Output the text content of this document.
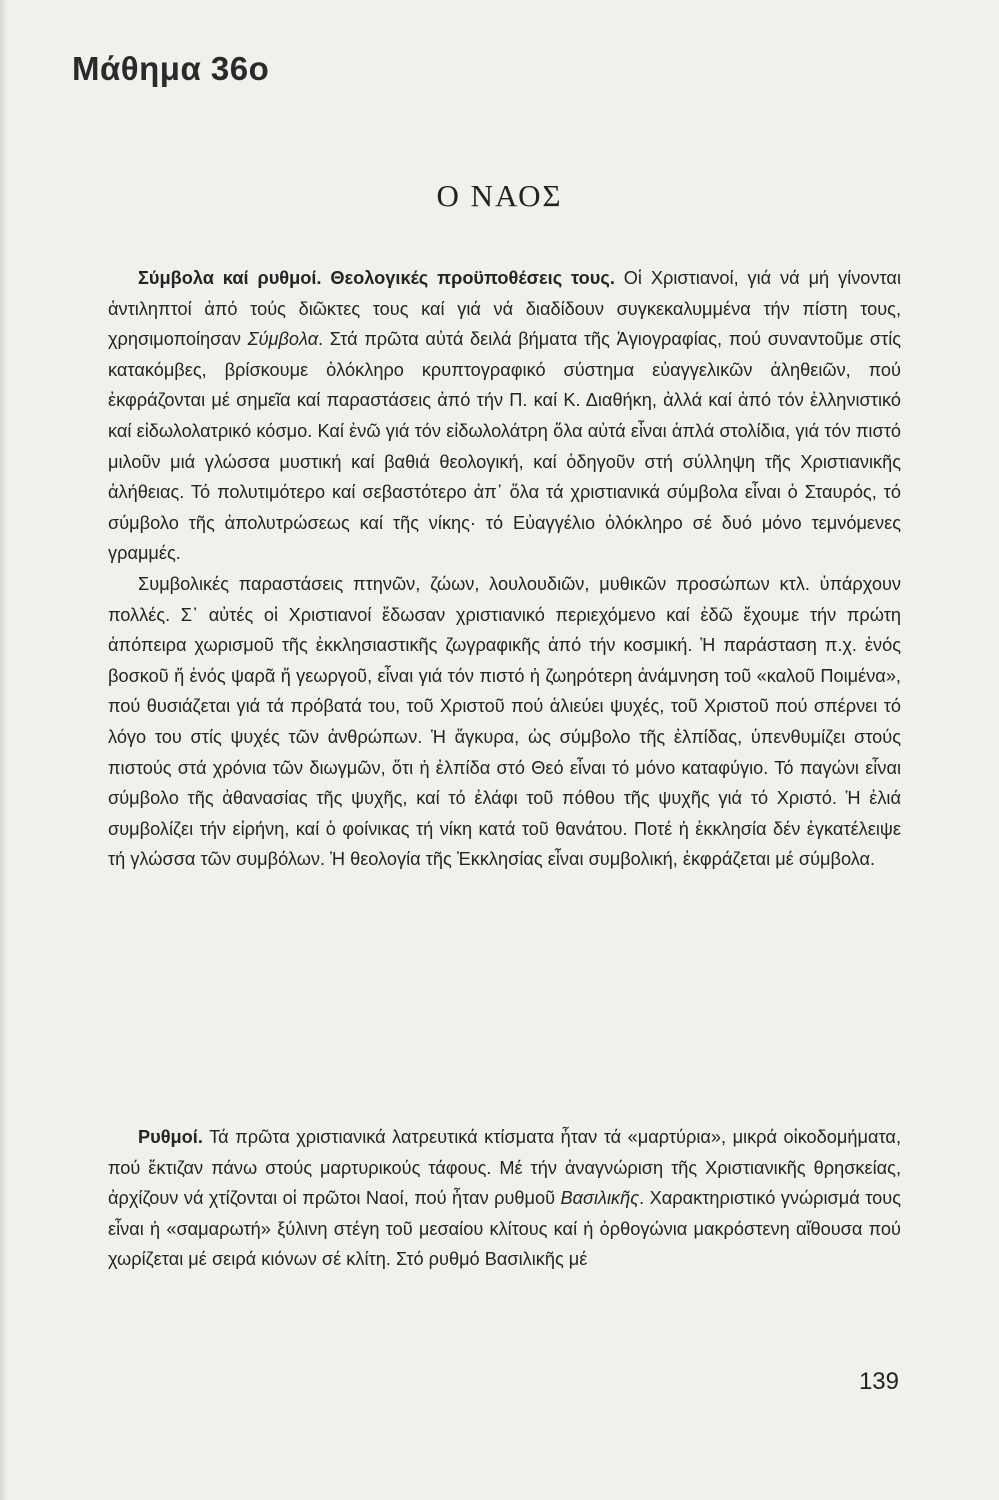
Μάθημα 36ο
Ο ΝΑΟΣ

Σύμβολα καί ρυθμοί. Θεολογικές προϋποθέσεις τους. Οἱ Χριστιανοί, γιά νά μή γίνονται ἀντιληπτοί ἀπό τούς διῶκτες τους καί γιά νά διαδίδουν συγκεκαλυμμένα τήν πίστη τους, χρησιμοποίησαν Σύμβολα. Στά πρῶτα αὐτά δειλά βήματα τῆς Ἁγιογραφίας, πού συναντοῦμε στίς κατακόμβες, βρίσκουμε ὁλόκληρο κρυπτογραφικό σύστημα εὐαγγελικῶν ἀληθειῶν, πού ἐκφράζονται μέ σημεῖα καί παραστάσεις ἀπό τήν Π. καί Κ. Διαθήκη, ἀλλά καί ἀπό τόν ἑλληνιστικό καί εἰδωλολατρικό κόσμο. Καί ἐνῶ γιά τόν εἰδωλολάτρη ὅλα αὐτά εἶναι ἁπλά στολίδια, γιά τόν πιστό μιλοῦν μιά γλώσσα μυστική καί βαθιά θεολογική, καί ὁδηγοῦν στή σύλληψη τῆς Χριστιανικῆς ἀλήθειας. Τό πολυτιμότερο καί σεβαστότερο ἀπ᾿ ὅλα τά χριστιανικά σύμβολα εἶναι ὁ Σταυρός, τό σύμβολο τῆς ἀπολυτρώσεως καί τῆς νίκης· τό Εὐαγγέλιο ὁλόκληρο σέ δυό μόνο τεμνόμενες γραμμές.

Συμβολικές παραστάσεις πτηνῶν, ζώων, λουλουδιῶν, μυθικῶν προσώπων κτλ. ὑπάρχουν πολλές. Σ᾿ αὐτές οἱ Χριστιανοί ἔδωσαν χριστιανικό περιεχόμενο καί ἐδῶ ἔχουμε τήν πρώτη ἀπόπειρα χωρισμοῦ τῆς ἐκκλησιαστικῆς ζωγραφικῆς ἀπό τήν κοσμική. Ἡ παράσταση π.χ. ἑνός βοσκοῦ ἤ ἑνός ψαρᾶ ἤ γεωργοῦ, εἶναι γιά τόν πιστό ἡ ζωηρότερη ἀνάμνηση τοῦ «καλοῦ Ποιμένα», πού θυσιάζεται γιά τά πρόβατά του, τοῦ Χριστοῦ πού ἁλιεύει ψυχές, τοῦ Χριστοῦ πού σπέρνει τό λόγο του στίς ψυχές τῶν ἀνθρώπων. Ἡ ἄγκυρα, ὡς σύμβολο τῆς ἐλπίδας, ὑπενθυμίζει στούς πιστούς στά χρόνια τῶν διωγμῶν, ὅτι ἡ ἐλπίδα στό Θεό εἶναι τό μόνο καταφύγιο. Τό παγώνι εἶναι σύμβολο τῆς ἀθανασίας τῆς ψυχῆς, καί τό ἐλάφι τοῦ πόθου τῆς ψυχῆς γιά τό Χριστό. Ἡ ἐλιά συμβολίζει τήν εἰρήνη, καί ὁ φοίνικας τή νίκη κατά τοῦ θανάτου. Ποτέ ἡ ἐκκλησία δέν ἐγκατέλειψε τή γλώσσα τῶν συμβόλων. Ἡ θεολογία τῆς Ἐκκλησίας εἶναι συμβολική, ἐκφράζεται μέ σύμβολα.

Ρυθμοί. Τά πρῶτα χριστιανικά λατρευτικά κτίσματα ἦταν τά «μαρτύρια», μικρά οἰκοδομήματα, πού ἔκτιζαν πάνω στούς μαρτυρικούς τάφους. Μέ τήν ἀναγνώριση τῆς Χριστιανικῆς θρησκείας, ἀρχίζουν νά χτίζονται οἱ πρῶτοι Ναοί, πού ἦταν ρυθμοῦ Βασιλικῆς. Χαρακτηριστικό γνώρισμά τους εἶναι ἡ «σαμαρωτή» ξύλινη στέγη τοῦ μεσαίου κλίτους καί ἡ ὀρθογώνια μακρόστενη αἴθουσα πού χωρίζεται μέ σειρά κιόνων σέ κλίτη. Στό ρυθμό Βασιλικῆς μέ

139
